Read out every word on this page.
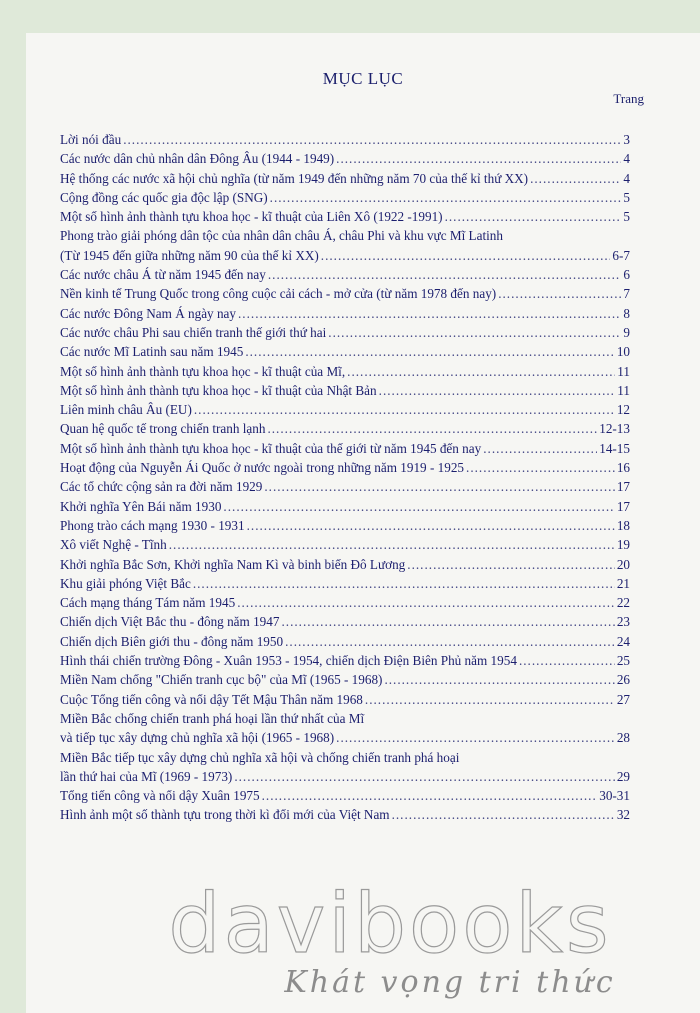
MỤC LỤC
Trang
Lời nói đầu .....	3
Các nước dân chủ nhân dân Đông Âu (1944 - 1949) .....	4
Hệ thống các nước xã hội chủ nghĩa (từ năm 1949 đến những năm 70 của thế kỉ thứ XX) .....	4
Cộng đồng các quốc gia độc lập (SNG) .....	5
Một số hình ảnh thành tựu khoa học - kĩ thuật của Liên Xô (1922 -1991) .....	5
Phong trào giải phóng dân tộc của nhân dân châu Á, châu Phi và khu vực Mĩ Latinh
(Từ 1945 đến giữa những năm 90 của thế kỉ XX) .....	6-7
Các nước châu Á từ năm 1945 đến nay .....	6
Nền kinh tế Trung Quốc trong công cuộc cải cách - mở cửa (từ năm 1978 đến nay) .....	7
Các nước Đông Nam Á ngày nay .....	8
Các nước châu Phi sau chiến tranh thế giới thứ hai .....	9
Các nước Mĩ Latinh sau năm 1945 .....	10
Một số hình ảnh thành tựu khoa học - kĩ thuật của Mĩ, .....	11
Một số hình ảnh thành tựu khoa học - kĩ thuật của Nhật Bản .....	11
Liên minh châu Âu (EU) .....	12
Quan hệ quốc tế trong chiến tranh lạnh .....	12-13
Một số hình ảnh thành tựu khoa học - kĩ thuật của thế giới từ năm 1945 đến nay .....	14-15
Hoạt động của Nguyễn Ái Quốc ở nước ngoài trong những năm 1919 - 1925 .....	16
Các tổ chức cộng sản ra đời năm 1929 .....	17
Khởi nghĩa Yên Bái năm 1930 .....	17
Phong trào cách mạng 1930 - 1931 .....	18
Xô viết Nghệ - Tĩnh .....	19
Khởi nghĩa Bắc Sơn, Khởi nghĩa Nam Kì và binh biến Đô Lương .....	20
Khu giải phóng Việt Bắc .....	21
Cách mạng tháng Tám năm 1945 .....	22
Chiến dịch Việt Bắc thu - đông năm 1947 .....	23
Chiến dịch Biên giới thu - đông năm 1950 .....	24
Hình thái chiến trường Đông - Xuân 1953 - 1954, chiến dịch Điện Biên Phủ năm 1954 .....	25
Miền Nam chống "Chiến tranh cục bộ" của Mĩ (1965 - 1968) .....	26
Cuộc Tổng tiến công và nổi dậy Tết Mậu Thân năm 1968 .....	27
Miền Bắc chống chiến tranh phá hoại lần thứ nhất của Mĩ
và tiếp tục xây dựng chủ nghĩa xã hội (1965 - 1968) .....	28
Miền Bắc tiếp tục xây dựng chủ nghĩa xã hội và chống chiến tranh phá hoại
lần thứ hai của Mĩ (1969 - 1973) .....	29
Tổng tiến công và nổi dậy Xuân 1975 .....	30-31
Hình ảnh một số thành tựu trong thời kì đổi mới của Việt Nam .....	32
davibooks
Khát vọng tri thức
